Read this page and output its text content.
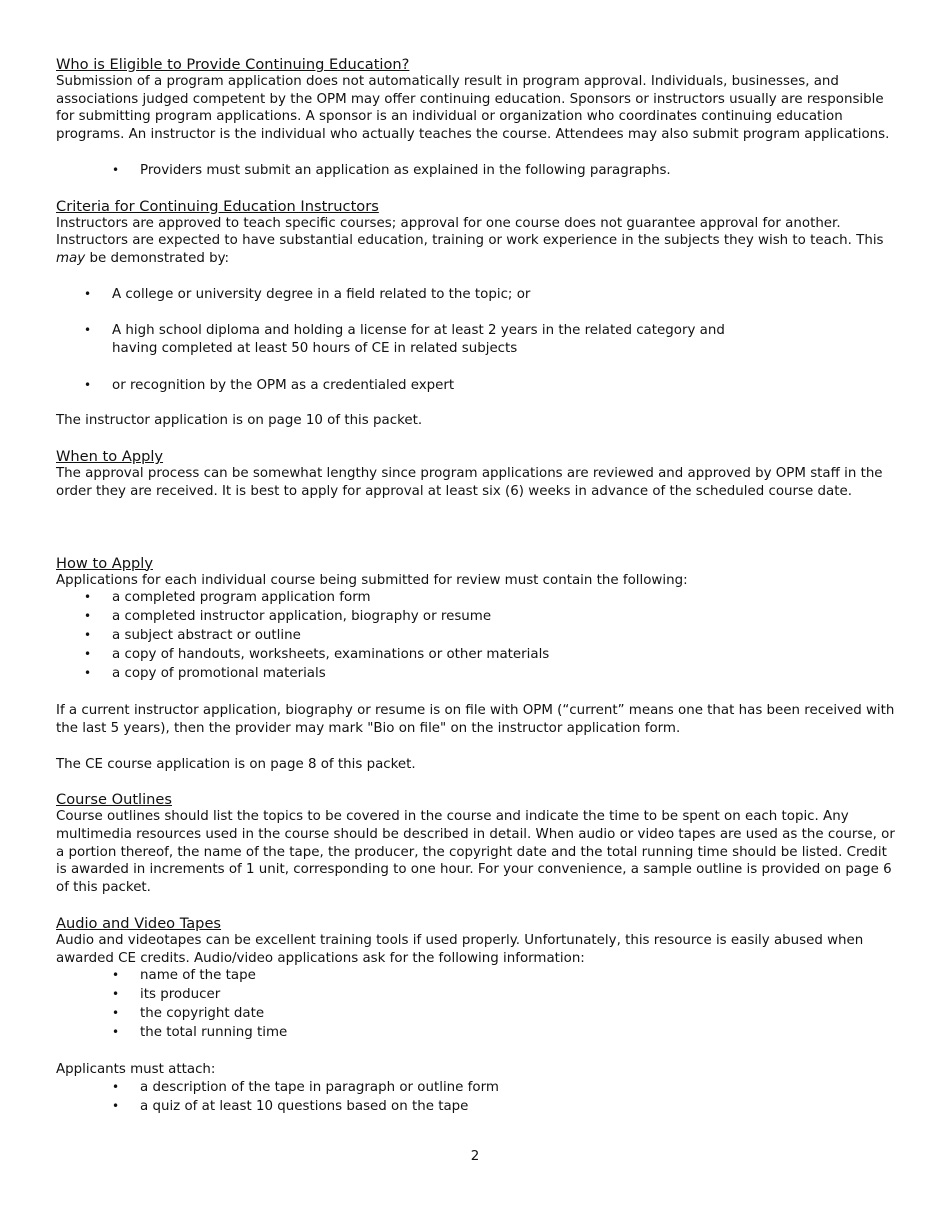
Who is Eligible to Provide Continuing Education?

Submission of a program application does not automatically result in program approval. Individuals, businesses, and associations judged competent by the OPM may offer continuing education. Sponsors or instructors usually are responsible for submitting program applications. A sponsor is an individual or organization who coordinates continuing education programs. An instructor is the individual who actually teaches the course. Attendees may also submit program applications.

• Providers must submit an application as explained in the following paragraphs.
Criteria for Continuing Education Instructors

Instructors are approved to teach specific courses; approval for one course does not guarantee approval for another. Instructors are expected to have substantial education, training or work experience in the subjects they wish to teach. This may be demonstrated by:

• A college or university degree in a field related to the topic; or
• A high school diploma and holding a license for at least 2 years in the related category and having completed at least 50 hours of CE in related subjects
• or recognition by the OPM as a credentialed expert

The instructor application is on page 10 of this packet.

When to Apply

The approval process can be somewhat lengthy since program applications are reviewed and approved by OPM staff in the order they are received. It is best to apply for approval at least six (6) weeks in advance of the scheduled course date.

How to Apply

Applications for each individual course being submitted for review must contain the following:

• a completed program application form
• a completed instructor application, biography or resume
• a subject abstract or outline
• a copy of handouts, worksheets, examinations or other materials
• a copy of promotional materials

If a current instructor application, biography or resume is on file with OPM (“current” means one that has been received with the last 5 years), then the provider may mark "Bio on file" on the instructor application form.

The CE course application is on page 8 of this packet.

Course Outlines

Course outlines should list the topics to be covered in the course and indicate the time to be spent on each topic. Any multimedia resources used in the course should be described in detail. When audio or video tapes are used as the course, or a portion thereof, the name of the tape, the producer, the copyright date and the total running time should be listed. Credit is awarded in increments of 1 unit, corresponding to one hour. For your convenience, a sample outline is provided on page 6 of this packet.

Audio and Video Tapes

Audio and videotapes can be excellent training tools if used properly. Unfortunately, this resource is easily abused when awarded CE credits. Audio/video applications ask for the following information:

• name of the tape
• its producer
• the copyright date
• the total running time

Applicants must attach:

• a description of the tape in paragraph or outline form
• a quiz of at least 10 questions based on the tape
2
